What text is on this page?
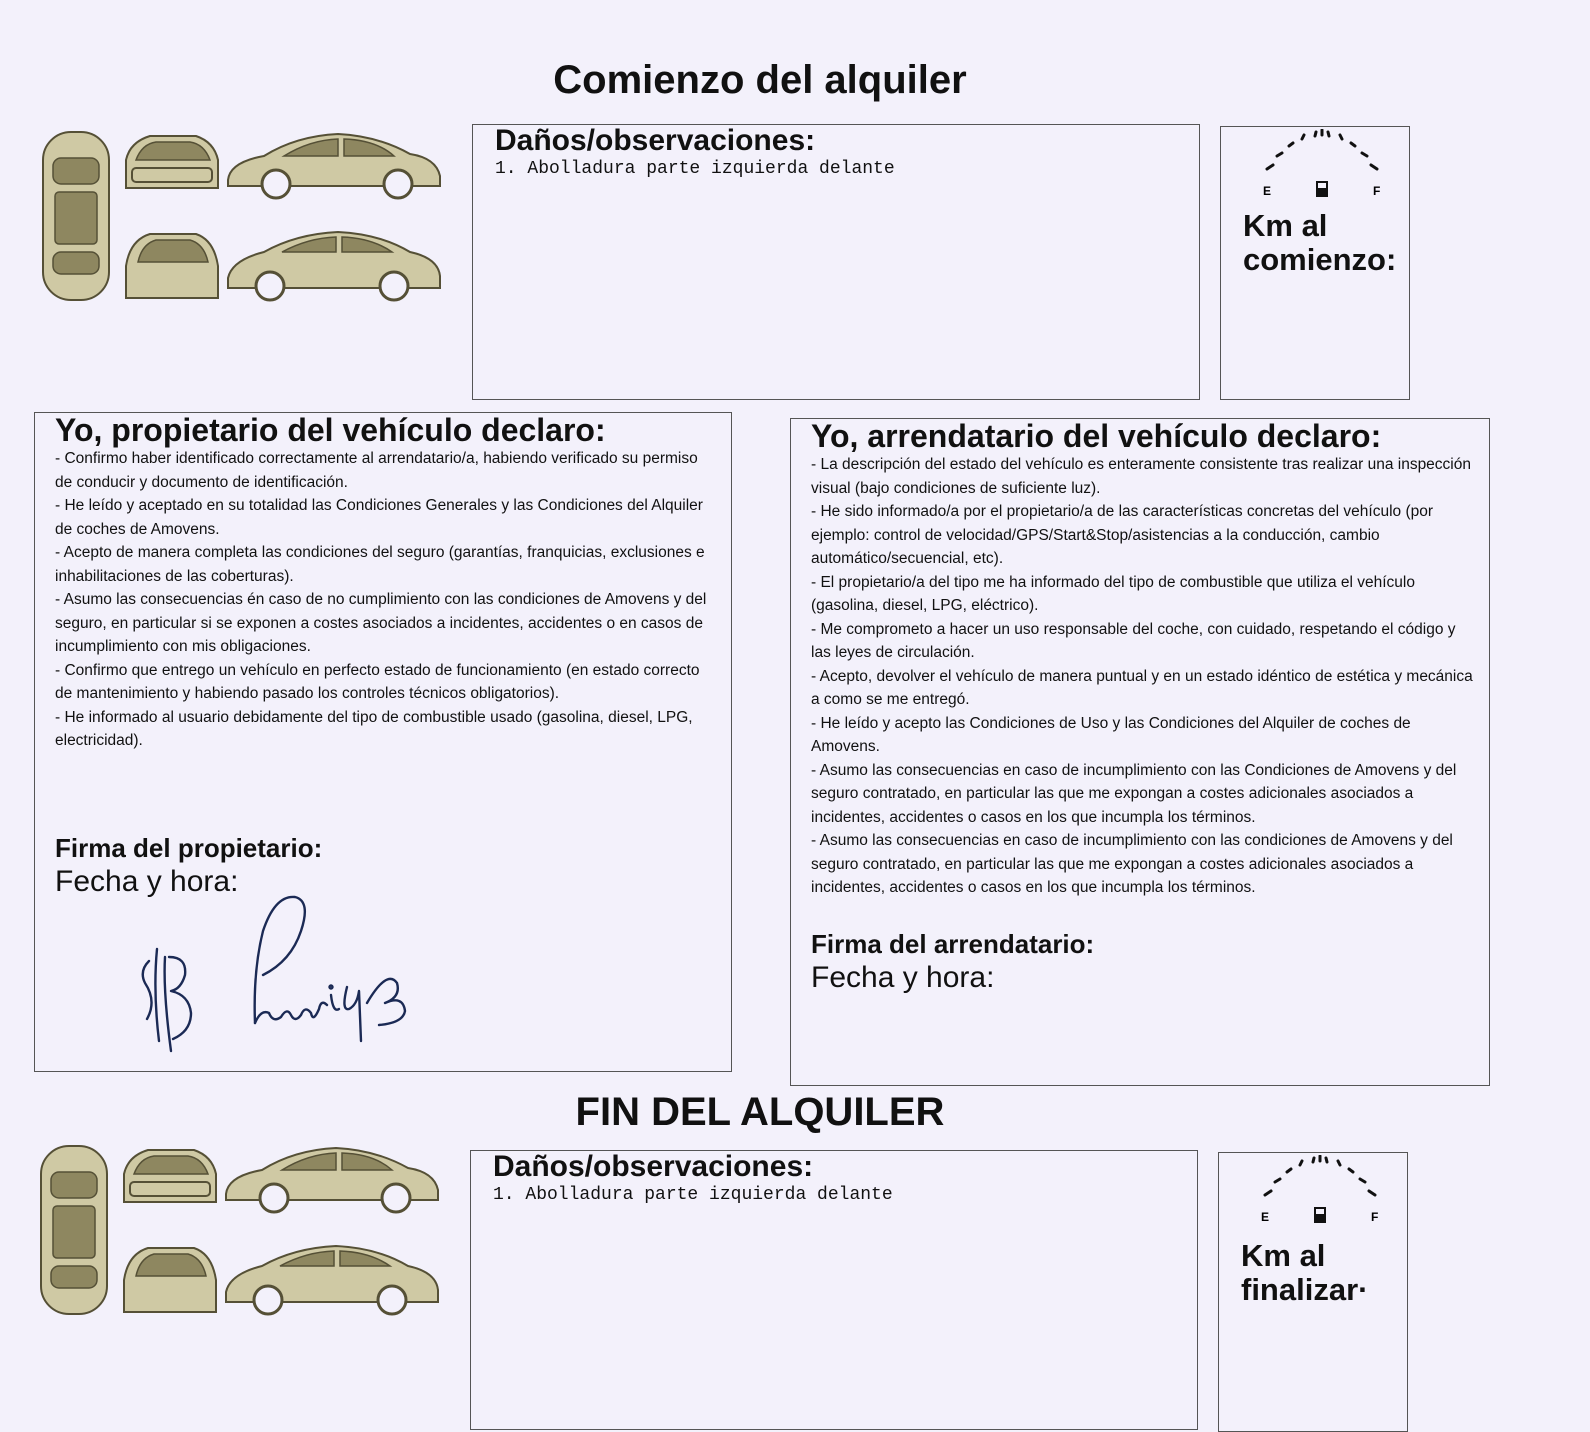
Comienzo del alquiler
Daños/observaciones:
1. Abolladura parte izquierda delante
E	F
Km al
comienzo:
Yo, propietario del vehículo declaro:

- Confirmo haber identificado correctamente al arrendatario/a, habiendo verificado su permiso de conducir y documento de identificación.

- He leído y aceptado en su totalidad las Condiciones Generales y las Condiciones del Alquiler de coches de Amovens.

- Acepto de manera completa las condiciones del seguro (garantías, franquicias, exclusiones e inhabilitaciones de las coberturas).

- Asumo las consecuencias én caso de no cumplimiento con las condiciones de Amovens y del seguro, en particular si se exponen a costes asociados a incidentes, accidentes o en casos de incumplimiento con mis obligaciones.

- Confirmo que entrego un vehículo en perfecto estado de funcionamiento (en estado correcto de mantenimiento y habiendo pasado los controles técnicos obligatorios).

- He informado al usuario debidamente del tipo de combustible usado (gasolina, diesel, LPG, electricidad).

Firma del propietario:
Fecha y hora:
Yo, arrendatario del vehículo declaro:

- La descripción del estado del vehículo es enteramente consistente tras realizar una inspección visual (bajo condiciones de suficiente luz).

- He sido informado/a por el propietario/a de las características concretas del vehículo (por ejemplo: control de velocidad/GPS/Start&Stop/asistencias a la conducción, cambio automático/secuencial, etc).

- El propietario/a del tipo me ha informado del tipo de combustible que utiliza el vehículo (gasolina, diesel, LPG, eléctrico).

- Me comprometo a hacer un uso responsable del coche, con cuidado, respetando el código y las leyes de circulación.

- Acepto, devolver el vehículo de manera puntual y en un estado idéntico de estética y mecánica a como se me entregó.

- He leído y acepto las Condiciones de Uso y las Condiciones del Alquiler de coches de Amovens.

- Asumo las consecuencias en caso de incumplimiento con las Condiciones de Amovens y del seguro contratado, en particular las que me expongan a costes adicionales asociados a incidentes, accidentes o casos en los que incumpla los términos.

- Asumo las consecuencias en caso de incumplimiento con las condiciones de Amovens y del seguro contratado, en particular las que me expongan a costes adicionales asociados a incidentes, accidentes o casos en los que incumpla los términos.

Firma del arrendatario:
Fecha y hora:
FIN DEL ALQUILER
Daños/observaciones:
1. Abolladura parte izquierda delante
E	F
Km al
finalizar·
